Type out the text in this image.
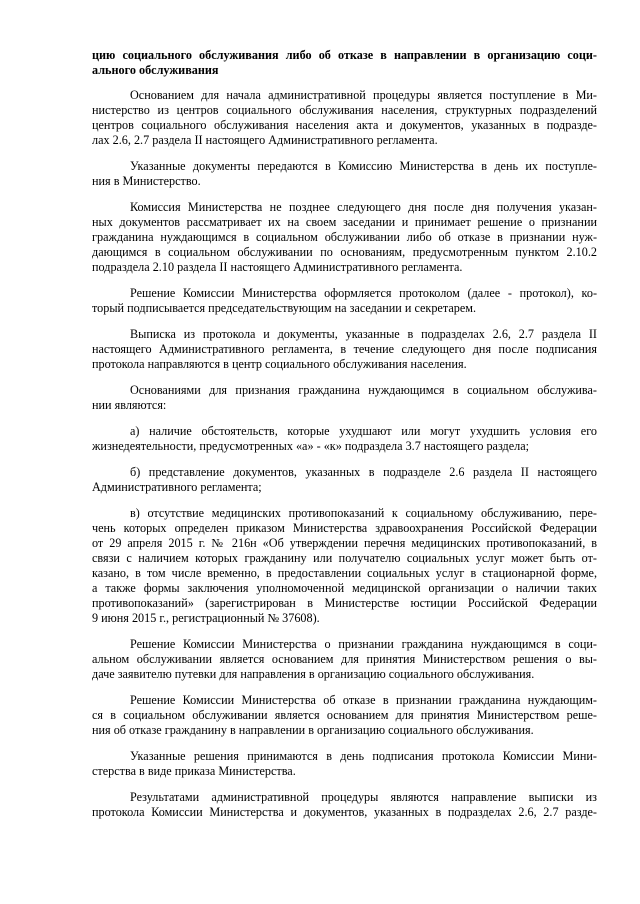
цию социального обслуживания либо об отказе в направлении в организацию соци-
ального обслуживания
Основанием для начала административной процедуры является поступление в Ми-
нистерство из центров социального обслуживания населения, структурных подразделений
центров социального обслуживания населения акта и документов, указанных в подразде-
лах 2.6, 2.7 раздела II настоящего Административного регламента.
Указанные документы передаются в Комиссию Министерства в день их поступле-
ния в Министерство.
Комиссия Министерства не позднее следующего дня после дня получения указан-
ных документов рассматривает их на своем заседании и принимает решение о признании
гражданина нуждающимся в социальном обслуживании либо об отказе в признании нуж-
дающимся в социальном обслуживании по основаниям, предусмотренным пунктом 2.10.2
подраздела 2.10 раздела II настоящего Административного регламента.
Решение Комиссии Министерства оформляется протоколом (далее - протокол), ко-
торый подписывается председательствующим на заседании и секретарем.
Выписка из протокола и документы, указанные в подразделах 2.6, 2.7 раздела II
настоящего Административного регламента, в течение следующего дня после подписания
протокола направляются в центр социального обслуживания населения.
Основаниями для признания гражданина нуждающимся в социальном обслужива-
нии являются:
а) наличие обстоятельств, которые ухудшают или могут ухудшить условия его
жизнедеятельности, предусмотренных «а» - «к» подраздела 3.7 настоящего раздела;
б) представление документов, указанных в подразделе 2.6 раздела II настоящего
Административного регламента;
в) отсутствие медицинских противопоказаний к социальному обслуживанию, пере-
чень которых определен приказом Министерства здравоохранения Российской Федерации
от 29 апреля 2015 г. № 216н «Об утверждении перечня медицинских противопоказаний, в
связи с наличием которых гражданину или получателю социальных услуг может быть от-
казано, в том числе временно, в предоставлении социальных услуг в стационарной форме,
а также формы заключения уполномоченной медицинской организации о наличии таких
противопоказаний» (зарегистрирован в Министерстве юстиции Российской Федерации
9 июня 2015 г., регистрационный № 37608).
Решение Комиссии Министерства о признании гражданина нуждающимся в соци-
альном обслуживании является основанием для принятия Министерством решения о вы-
даче заявителю путевки для направления в организацию социального обслуживания.
Решение Комиссии Министерства об отказе в признании гражданина нуждающим-
ся в социальном обслуживании является основанием для принятия Министерством реше-
ния об отказе гражданину в направлении в организацию социального обслуживания.
Указанные решения принимаются в день подписания протокола Комиссии Мини-
стерства в виде приказа Министерства.
Результатами административной процедуры являются направление выписки из
протокола Комиссии Министерства и документов, указанных в подразделах 2.6, 2.7 разде-
